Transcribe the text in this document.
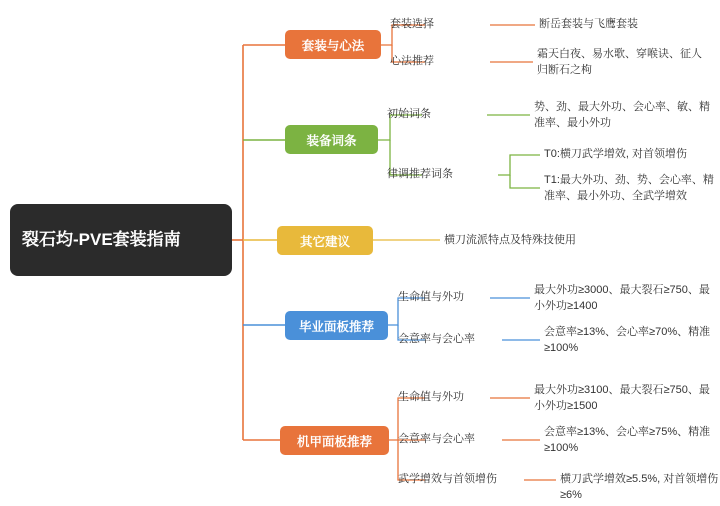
裂石均-PVE套装指南
套装与心法
套装选择	断岳套装与飞鹰套装
心法推荐
霜天白夜、易水歌、穿喉诀、征人归断石之枸
装备词条
初始词条
势、劲、最大外功、会心率、敏、精准率、最小外功
律调推荐词条
T0:横刀武学增效, 对首领增伤
T1:最大外功、劲、势、会心率、精准率、最小外功、全武学增效
其它建议	横刀流派特点及特殊技使用
毕业面板推荐
生命值与外功
最大外功≥3000、最大裂石≥750、最小外功≥1400
会意率与会心率
会意率≥13%、会心率≥70%、精准≥100%
机甲面板推荐
生命值与外功
最大外功≥3100、最大裂石≥750、最小外功≥1500
会意率与会心率
会意率≥13%、会心率≥75%、精准≥100%
武学增效与首领增伤	横刀武学增效≥5.5%, 对首领增伤≥6%
